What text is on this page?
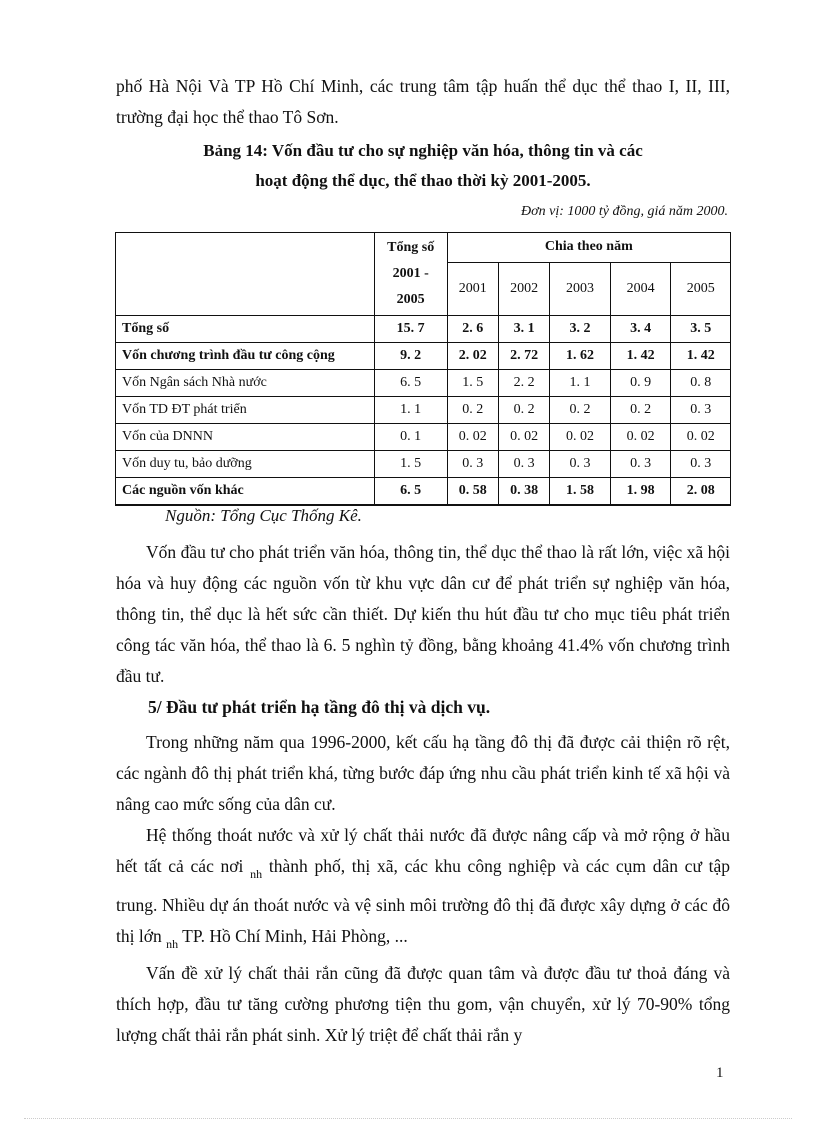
phố Hà Nội Và TP Hồ Chí Minh, các trung tâm tập huấn thể dục thể thao I, II, III, trường đại học thể thao Tô Sơn.

Bảng 14: Vốn đầu tư cho sự nghiệp văn hóa, thông tin và các

hoạt động thể dục, thể thao thời kỳ 2001-2005.

Đơn vị: 1000 tỷ đồng, giá năm 2000.

	Tổng số 2001 - 2005	Chia theo năm				
		2001	2002	2003	2004	2005
Tổng số	15. 7	2. 6	3. 1	3. 2	3. 4	3. 5
Vốn chương trình đầu tư công cộng	9. 2	2. 02	2. 72	1. 62	1. 42	1. 42
Vốn Ngân sách Nhà nước	6. 5	1. 5	2. 2	1. 1	0. 9	0. 8
Vốn TD ĐT phát triển	1. 1	0. 2	0. 2	0. 2	0. 2	0. 3
Vốn của DNNN	0. 1	0. 02	0. 02	0. 02	0. 02	0. 02
Vốn duy tu, bảo dưỡng	1. 5	0. 3	0. 3	0. 3	0. 3	0. 3
Các nguồn vốn khác	6. 5	0. 58	0. 38	1. 58	1. 98	2. 08

Nguồn: Tổng Cục Thống Kê.

Vốn đầu tư cho phát triển văn hóa, thông tin, thể dục thể thao là rất lớn, việc xã hội hóa và huy động các nguồn vốn từ khu vực dân cư để phát triển sự nghiệp văn hóa, thông tin, thể dục là hết sức cần thiết. Dự kiến thu hút đầu tư cho mục tiêu phát triển công tác văn hóa, thể thao là 6. 5 nghìn tỷ đồng, bằng khoảng 41.4% vốn chương trình đầu tư.

5/ Đầu tư phát triển hạ tầng đô thị và dịch vụ.

Trong những năm qua 1996-2000, kết cấu hạ tầng đô thị đã được cải thiện rõ rệt, các ngành đô thị phát triển khá, từng bước đáp ứng nhu cầu phát triển kinh tế xã hội và nâng cao mức sống của dân cư.

Hệ thống thoát nước và xử lý chất thải nước đã được nâng cấp và mở rộng ở hầu hết tất cả các nơi $_{nh}$ thành phố, thị xã, các khu công nghiệp và các cụm dân cư tập trung. Nhiều dự án thoát nước và vệ sinh môi trường đô thị đã được xây dựng ở các đô thị lớn $_{nh}$ TP. Hồ Chí Minh, Hải Phòng, ...

Vấn đề xử lý chất thải rắn cũng đã được quan tâm và được đầu tư thoả đáng và thích hợp, đầu tư tăng cường phương tiện thu gom, vận chuyển, xử lý 70-90% tổng lượng chất thải rắn phát sinh. Xử lý triệt để chất thải rắn y

1
